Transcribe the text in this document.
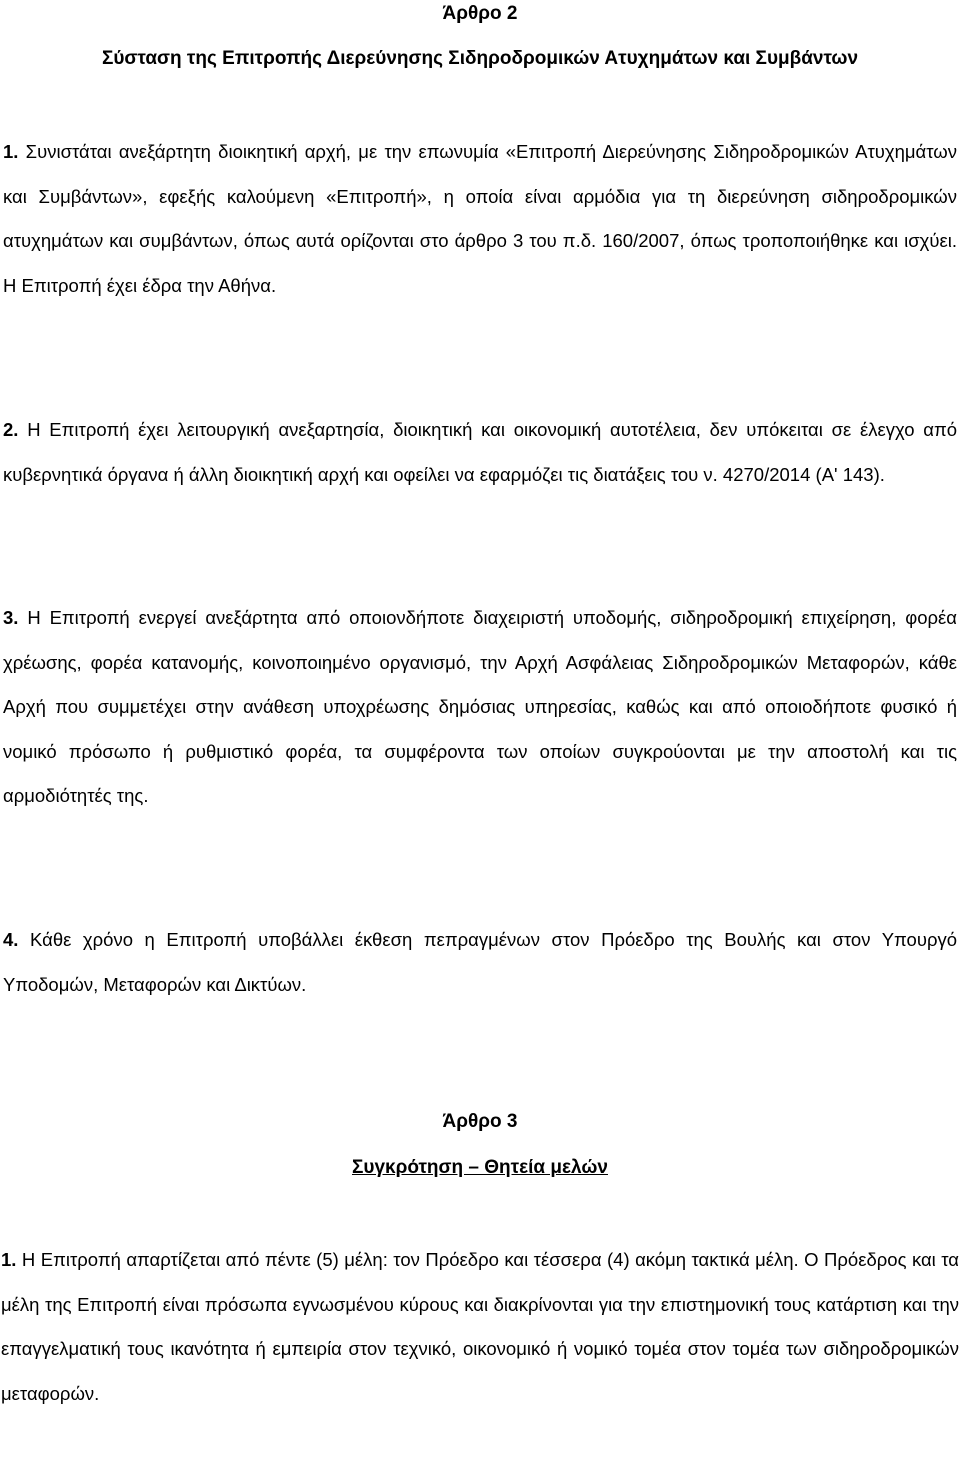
Άρθρο 2
Σύσταση της Επιτροπής Διερεύνησης Σιδηροδρομικών Ατυχημάτων και Συμβάντων

1. Συνιστάται ανεξάρτητη διοικητική αρχή, με την επωνυμία «Επιτροπή Διερεύνησης Σιδηροδρομικών Ατυχημάτων και Συμβάντων», εφεξής καλούμενη «Επιτροπή», η οποία είναι αρμόδια για τη διερεύνηση σιδηροδρομικών ατυχημάτων και συμβάντων, όπως αυτά ορίζονται στο άρθρο 3 του π.δ. 160/2007, όπως τροποποιήθηκε και ισχύει. Η Επιτροπή έχει έδρα την Αθήνα.

2. Η Επιτροπή έχει λειτουργική ανεξαρτησία, διοικητική και οικονομική αυτοτέλεια, δεν υπόκειται σε έλεγχο από κυβερνητικά όργανα ή άλλη διοικητική αρχή και οφείλει να εφαρμόζει τις διατάξεις του ν. 4270/2014 (Α' 143).

3. Η Επιτροπή ενεργεί ανεξάρτητα από οποιονδήποτε διαχειριστή υποδομής, σιδηροδρομική επιχείρηση, φορέα χρέωσης, φορέα κατανομής, κοινοποιημένο οργανισμό, την Αρχή Ασφάλειας Σιδηροδρομικών Μεταφορών, κάθε Αρχή που συμμετέχει στην ανάθεση υποχρέωσης δημόσιας υπηρεσίας, καθώς και από οποιοδήποτε φυσικό ή νομικό πρόσωπο ή ρυθμιστικό φορέα, τα συμφέροντα των οποίων συγκρούονται με την αποστολή και τις αρμοδιότητές της.

4. Κάθε χρόνο η Επιτροπή υποβάλλει έκθεση πεπραγμένων στον Πρόεδρο της Βουλής και στον Υπουργό Υποδομών, Μεταφορών και Δικτύων.

Άρθρο 3
Συγκρότηση – Θητεία μελών

1. Η Επιτροπή απαρτίζεται από πέντε (5) μέλη: τον Πρόεδρο και τέσσερα (4) ακόμη τακτικά μέλη. Ο Πρόεδρος και τα μέλη της Επιτροπή είναι πρόσωπα εγνωσμένου κύρους και διακρίνονται για την επιστημονική τους κατάρτιση και την επαγγελματική τους ικανότητα ή εμπειρία στον τεχνικό, οικονομικό ή νομικό τομέα στον τομέα των σιδηροδρομικών μεταφορών.
